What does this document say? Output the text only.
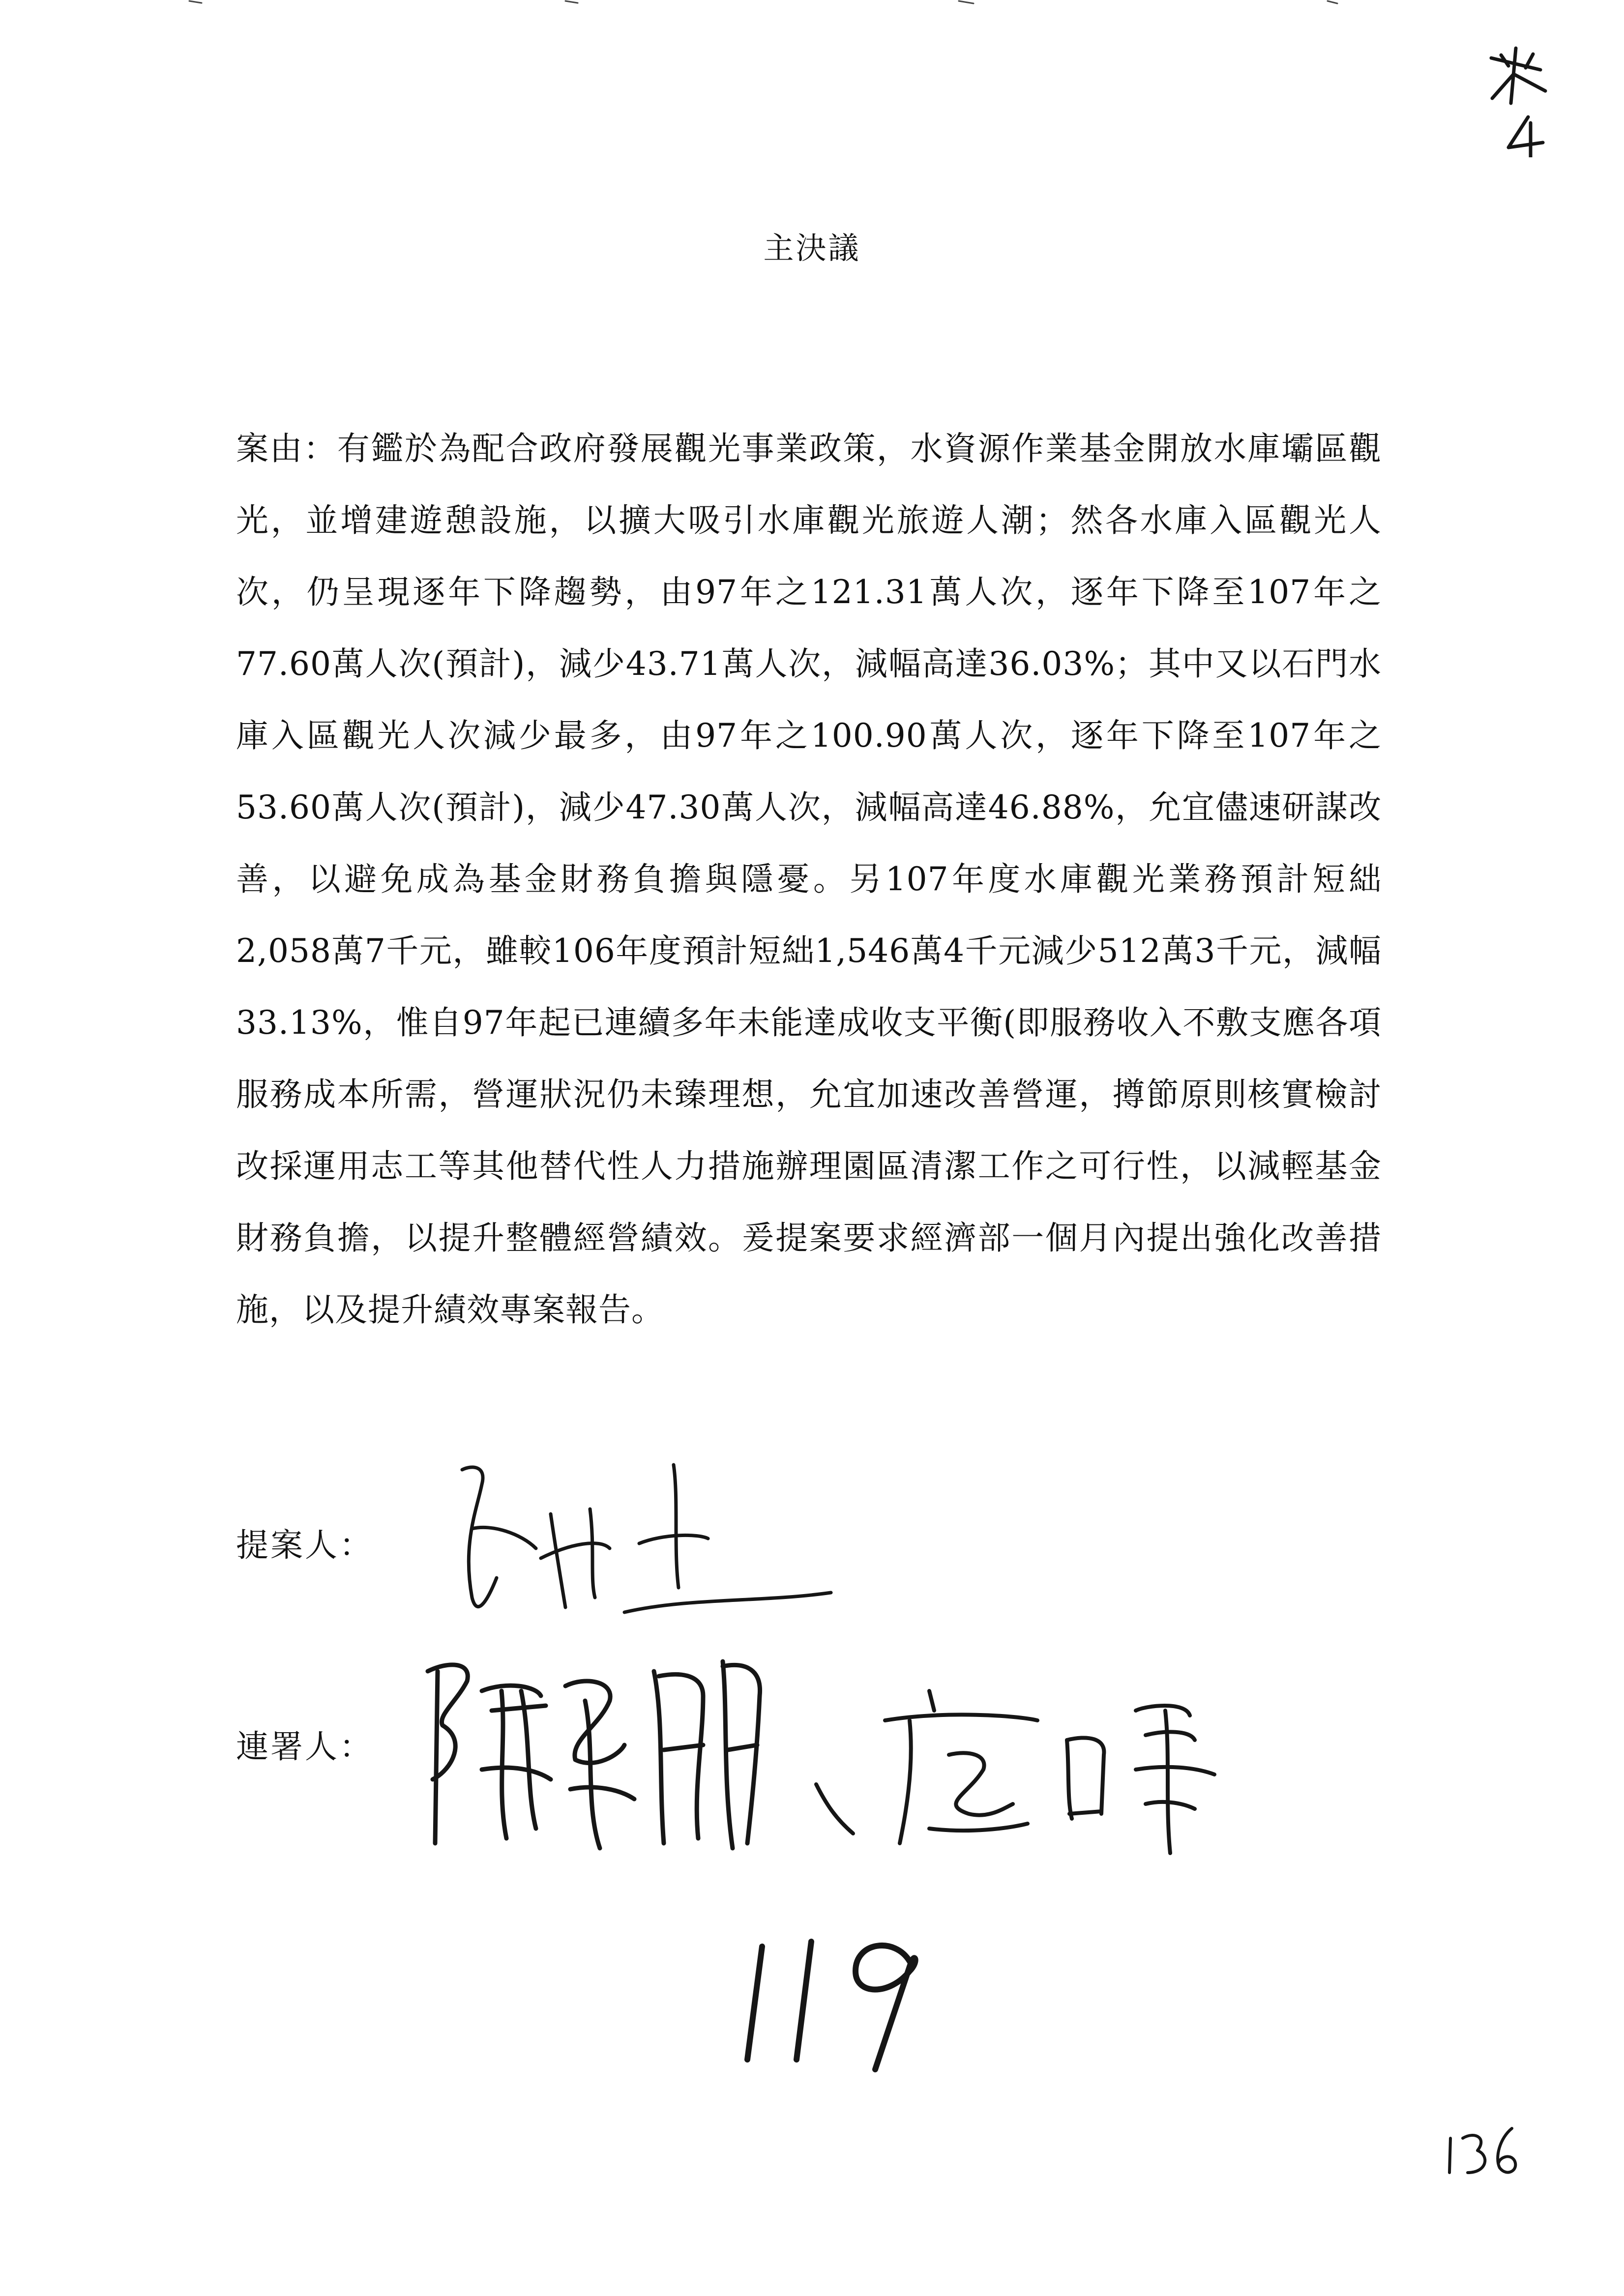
主決議

案由：有鑑於為配合政府發展觀光事業政策，水資源作業基金開放水庫壩區觀光，並增建遊憩設施，以擴大吸引水庫觀光旅遊人潮；然各水庫入區觀光人次，仍呈現逐年下降趨勢，由97年之121.31萬人次，逐年下降至107年之77.60萬人次(預計)，減少43.71萬人次，減幅高達36.03%；其中又以石門水庫入區觀光人次減少最多，由97年之100.90萬人次，逐年下降至107年之53.60萬人次(預計)，減少47.30萬人次，減幅高達46.88%，允宜儘速研謀改善，以避免成為基金財務負擔與隱憂。另107年度水庫觀光業務預計短絀2,058萬7千元，雖較106年度預計短絀1,546萬4千元減少512萬3千元，減幅33.13%，惟自97年起已連續多年未能達成收支平衡(即服務收入不敷支應各項服務成本所需，營運狀況仍未臻理想，允宜加速改善營運，撙節原則核實檢討改採運用志工等其他替代性人力措施辦理園區清潔工作之可行性，以減輕基金財務負擔，以提升整體經營績效。爰提案要求經濟部一個月內提出強化改善措施，以及提升績效專案報告。

提案人：
連署人：
